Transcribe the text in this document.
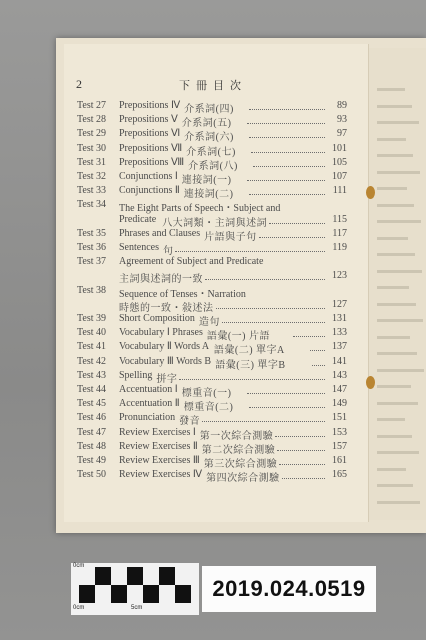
2	下冊目次
Test 27	Prepositions Ⅳ 介系詞(四)	89
Test 28	Prepositions Ⅴ 介系詞(五)	93
Test 29	Prepositions Ⅵ 介系詞(六)	97
Test 30	Prepositions Ⅶ 介系詞(七)	101
Test 31	Prepositions Ⅷ 介系詞(八)	105
Test 32	Conjunctions Ⅰ 連接詞(一)	107
Test 33	Conjunctions Ⅱ 連接詞(二)	111
Test 34	The Eight Parts of Speech・Subject and
Predicate 八大詞類・主詞與述詞	115
Test 35	Phrases and Clauses 片語與子句	117
Test 36	Sentences 句	119
Test 37	Agreement of Subject and Predicate
主詞與述詞的一致	123
Test 38	Sequence of Tenses・Narration
時態的一致・敍述法	127
Test 39	Short Composition 造句	131
Test 40	Vocabulary Ⅰ Phrases 語彙(一) 片語	133
Test 41	Vocabulary Ⅱ Words A 語彙(二) 單字A	137
Test 42	Vocabulary Ⅲ Words B 語彙(三) 單字B	141
Test 43	Spelling 拼字	143
Test 44	Accentuation Ⅰ 標重音(一)	147
Test 45	Accentuation Ⅱ 標重音(二)	149
Test 46	Pronunciation 發音	151
Test 47	Review Exercises Ⅰ 第一次綜合測驗	153
Test 48	Review Exercises Ⅱ 第二次綜合測驗	157
Test 49	Review Exercises Ⅲ 第三次綜合測驗	161
Test 50	Review Exercises Ⅳ 第四次綜合測驗	165
0cm
0cm	5cm
2019.024.0519
